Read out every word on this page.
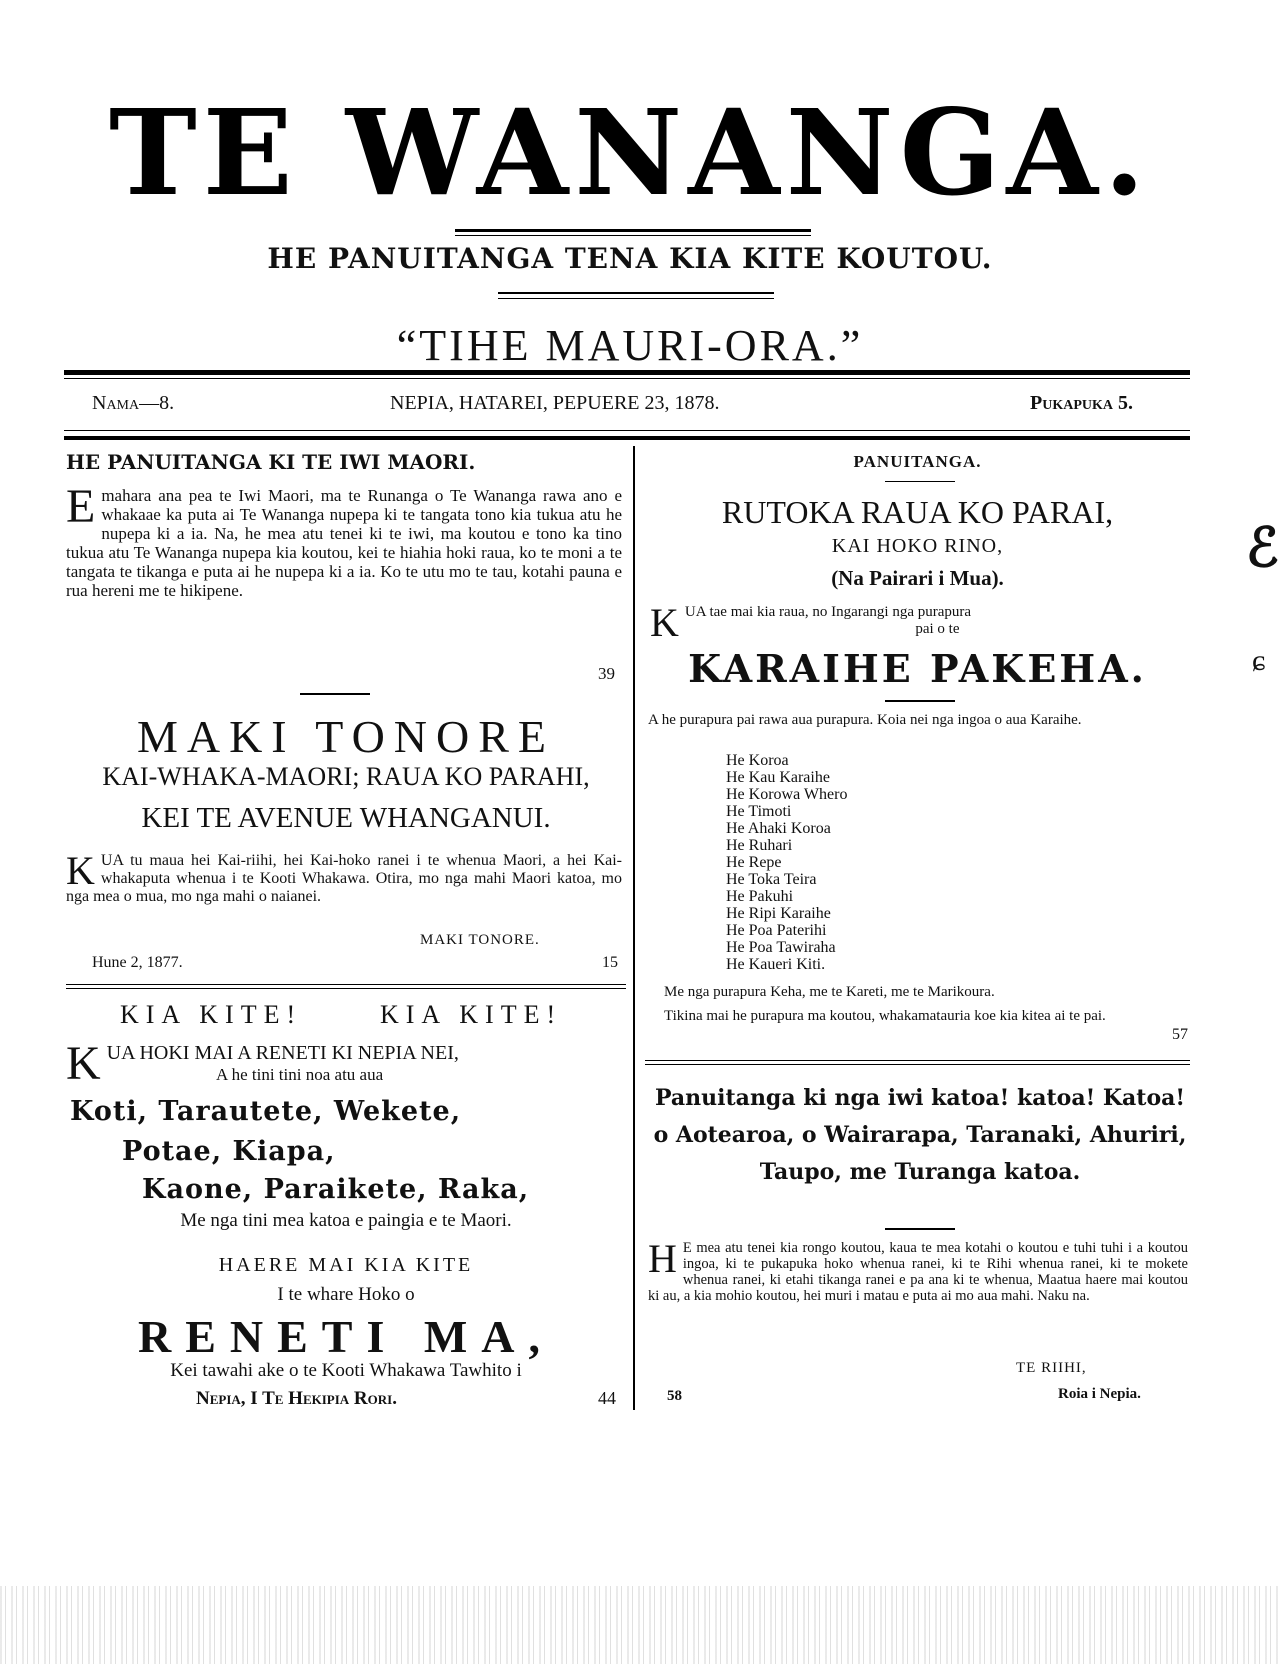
TE WANANGA.
HE PANUITANGA TENA KIA KITE KOUTOU.
“TIHE MAURI-ORA.”
Nama—8.	NEPIA, HATAREI, PEPUERE 23, 1878.	Pukapuka 5.
HE PANUITANGA KI TE IWI MAORI.
Emahara ana pea te Iwi Maori, ma te Runanga o Te Wananga rawa ano e whakaae ka puta ai Te Wananga nupepa ki te tangata tono kia tukua atu he nupepa ki a ia. Na, he mea atu tenei ki te iwi, ma koutou e tono ka tino tukua atu Te Wananga nupepa kia koutou, kei te hiahia hoki raua, ko te moni a te tangata te tikanga e puta ai he nupepa ki a ia. Ko te utu mo te tau, kotahi pauna e rua hereni me te hikipene.
39
MAKI TONORE
KAI-WHAKA-MAORI; RAUA KO PARAHI,
KEI TE AVENUE WHANGANUI.
KUA tu maua hei Kai-riihi, hei Kai-hoko ranei i te whenua Maori, a hei Kai-whakaputa whenua i te Kooti Whakawa. Otira, mo nga mahi Maori katoa, mo nga mea o mua, mo nga mahi o naianei.
MAKI TONORE.
Hune 2, 1877.	15
KIA KITE!	KIA KITE!
K UA HOKI MAI A RENETI KI NEPIA NEI,
A he tini tini noa atu aua
Koti, Tarautete, Wekete,
Potae, Kiapa,
Kaone, Paraikete, Raka,
Me nga tini mea katoa e paingia e te Maori.
HAERE MAI KIA KITE
I te whare Hoko o
RENETI MA,
Kei tawahi ake o te Kooti Whakawa Tawhito i
Nepia, I Te Hekipia Rori.	44
PANUITANGA.
RUTOKA RAUA KO PARAI,
KAI HOKO RINO,
(Na Pairari i Mua).
K UA tae mai kia raua, no Ingarangi nga purapura
pai o te
KARAIHE PAKEHA.
A he purapura pai rawa aua purapura. Koia nei nga ingoa o aua Karaihe.
He Koroa
He Kau Karaihe
He Korowa Whero
He Timoti
He Ahaki Koroa
He Ruhari
He Repe
He Toka Teira
He Pakuhi
He Ripi Karaihe
He Poa Paterihi
He Poa Tawiraha
He Kaueri Kiti.
Me nga purapura Keha, me te Kareti, me te Marikoura.
Tikina mai he purapura ma koutou, whakamatauria koe kia kitea ai te pai.
57
Panuitanga ki nga iwi katoa! katoa! Katoa! o Aotearoa, o Wairarapa, Taranaki, Ahuriri, Taupo, me Turanga katoa.
H E mea atu tenei kia rongo koutou, kaua te mea kotahi o koutou e tuhi tuhi i a koutou ingoa, ki te pukapuka hoko whenua ranei, ki te Rihi whenua ranei, ki te mokete whenua ranei, ki etahi tikanga ranei e pa ana ki te whenua, Maatua haere mai koutou ki au, a kia mohio koutou, hei muri i matau e puta ai mo aua mahi. Naku na.
TE RIIHI,
58	Roia i Nepia.
ℰ
ɕ
